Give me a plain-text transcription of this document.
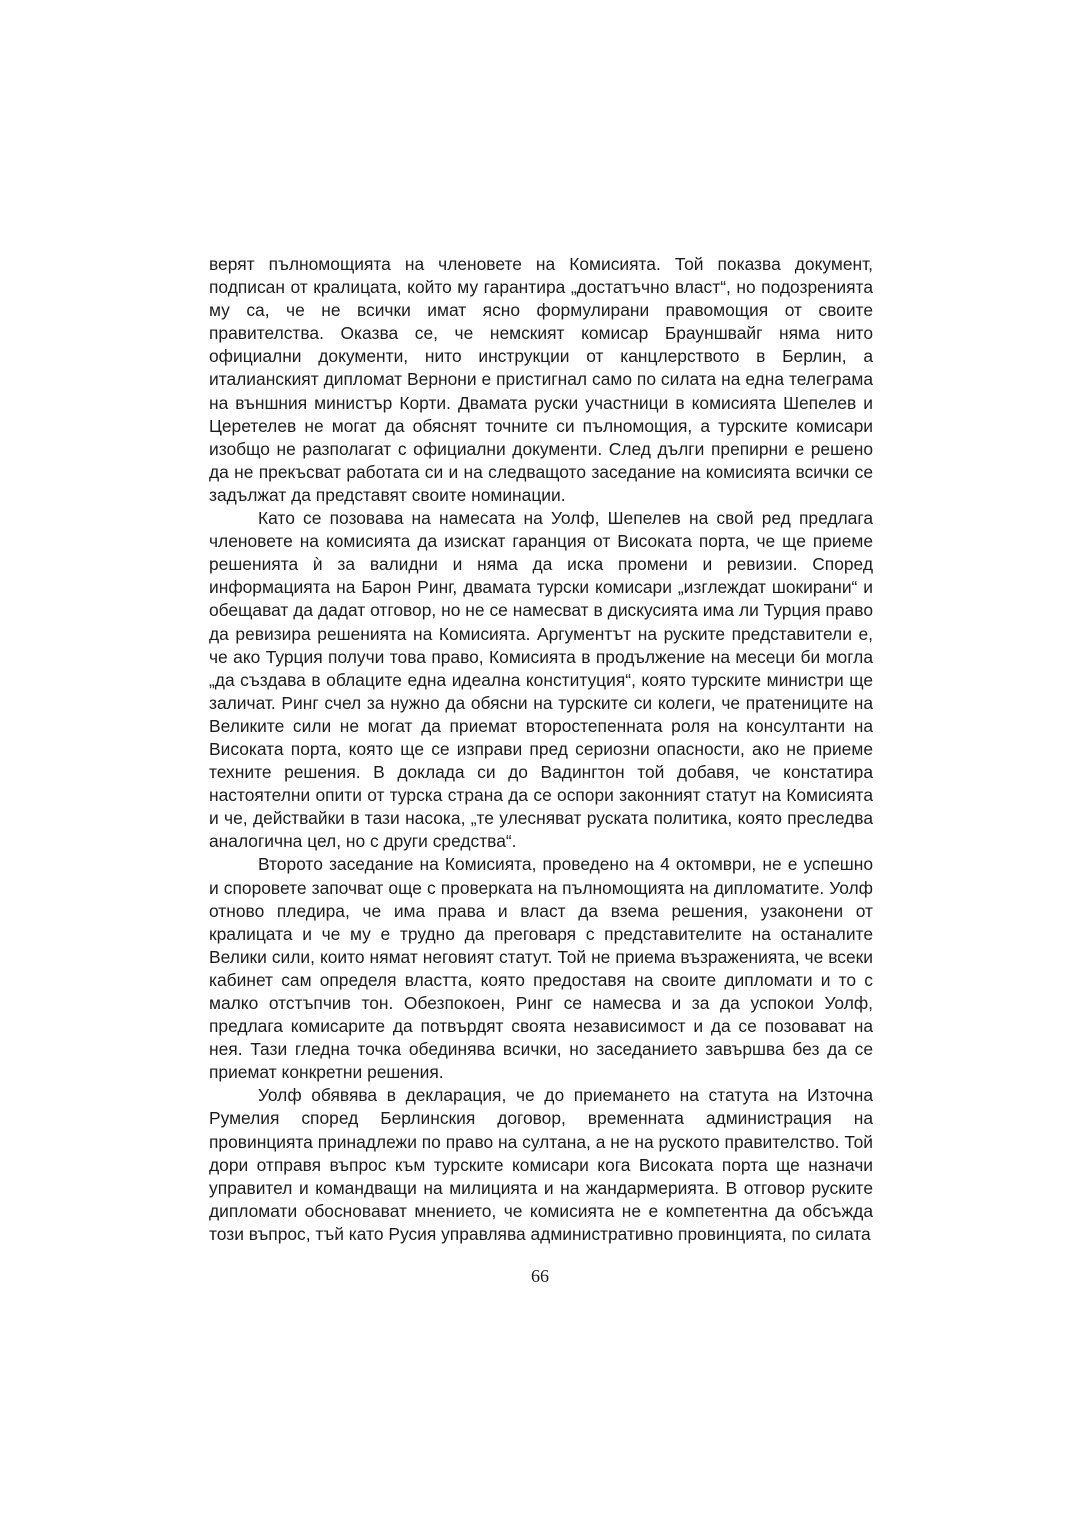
верят пълномощията на членовете на Комисията. Той показва документ, подписан от кралицата, който му гарантира „достатъчно власт“, но подозренията му са, че не всички имат ясно формулирани правомощия от своите правителства. Оказва се, че немският комисар Брауншвайг няма нито официални документи, нито инструкции от канцлерството в Берлин, а италианският дипломат Вернони е пристигнал само по силата на една телеграма на външния министър Корти. Двамата руски участници в комисията Шепелев и Церетелев не могат да обяснят точните си пълномощия, а турските комисари изобщо не разполагат с официални документи. След дълги препирни е решено да не прекъсват работата си и на следващото заседание на комисията всички се задължат да представят своите номинации.

Като се позовава на намесата на Уолф, Шепелев на свой ред предлага членовете на комисията да изискат гаранция от Високата порта, че ще приеме решенията ѝ за валидни и няма да иска промени и ревизии. Според информацията на Барон Ринг, двамата турски комисари „изглеждат шокирани“ и обещават да дадат отговор, но не се намесват в дискусията има ли Турция право да ревизира решенията на Комисията. Аргументът на руските представители е, че ако Турция получи това право, Комисията в продължение на месеци би могла „да създава в облаците една идеална конституция“, която турските министри ще заличат. Ринг счел за нужно да обясни на турските си колеги, че пратениците на Великите сили не могат да приемат второстепенната роля на консултанти на Високата порта, която ще се изправи пред сериозни опасности, ако не приеме техните решения. В доклада си до Вадингтон той добавя, че констатира настоятелни опити от турска страна да се оспори законният статут на Комисията и че, действайки в тази насока, „те улесняват руската политика, която преследва аналогична цел, но с други средства“.

Второто заседание на Комисията, проведено на 4 октомври, не е успешно и споровете започват още с проверката на пълномощията на дипломатите. Уолф отново пледира, че има права и власт да взема решения, узаконени от кралицата и че му е трудно да преговаря с представителите на останалите Велики сили, които нямат неговият статут. Той не приема възраженията, че всеки кабинет сам определя властта, която предоставя на своите дипломати и то с малко отстъпчив тон. Обезпокоен, Ринг се намесва и за да успокои Уолф, предлага комисарите да потвърдят своята независимост и да се позовават на нея. Тази гледна точка обединява всички, но заседанието завършва без да се приемат конкретни решения.

Уолф обявява в декларация, че до приемането на статута на Източна Румелия според Берлинския договор, временната администрация на провинцията принадлежи по право на султана, а не на руското правителство. Той дори отправя въпрос към турските комисари кога Високата порта ще назначи управител и командващи на милицията и на жандармерията. В отговор руските дипломати обосновават мнението, че комисията не е компетентна да обсъжда този въпрос, тъй като Русия управлява административно провинцията, по силата

66
